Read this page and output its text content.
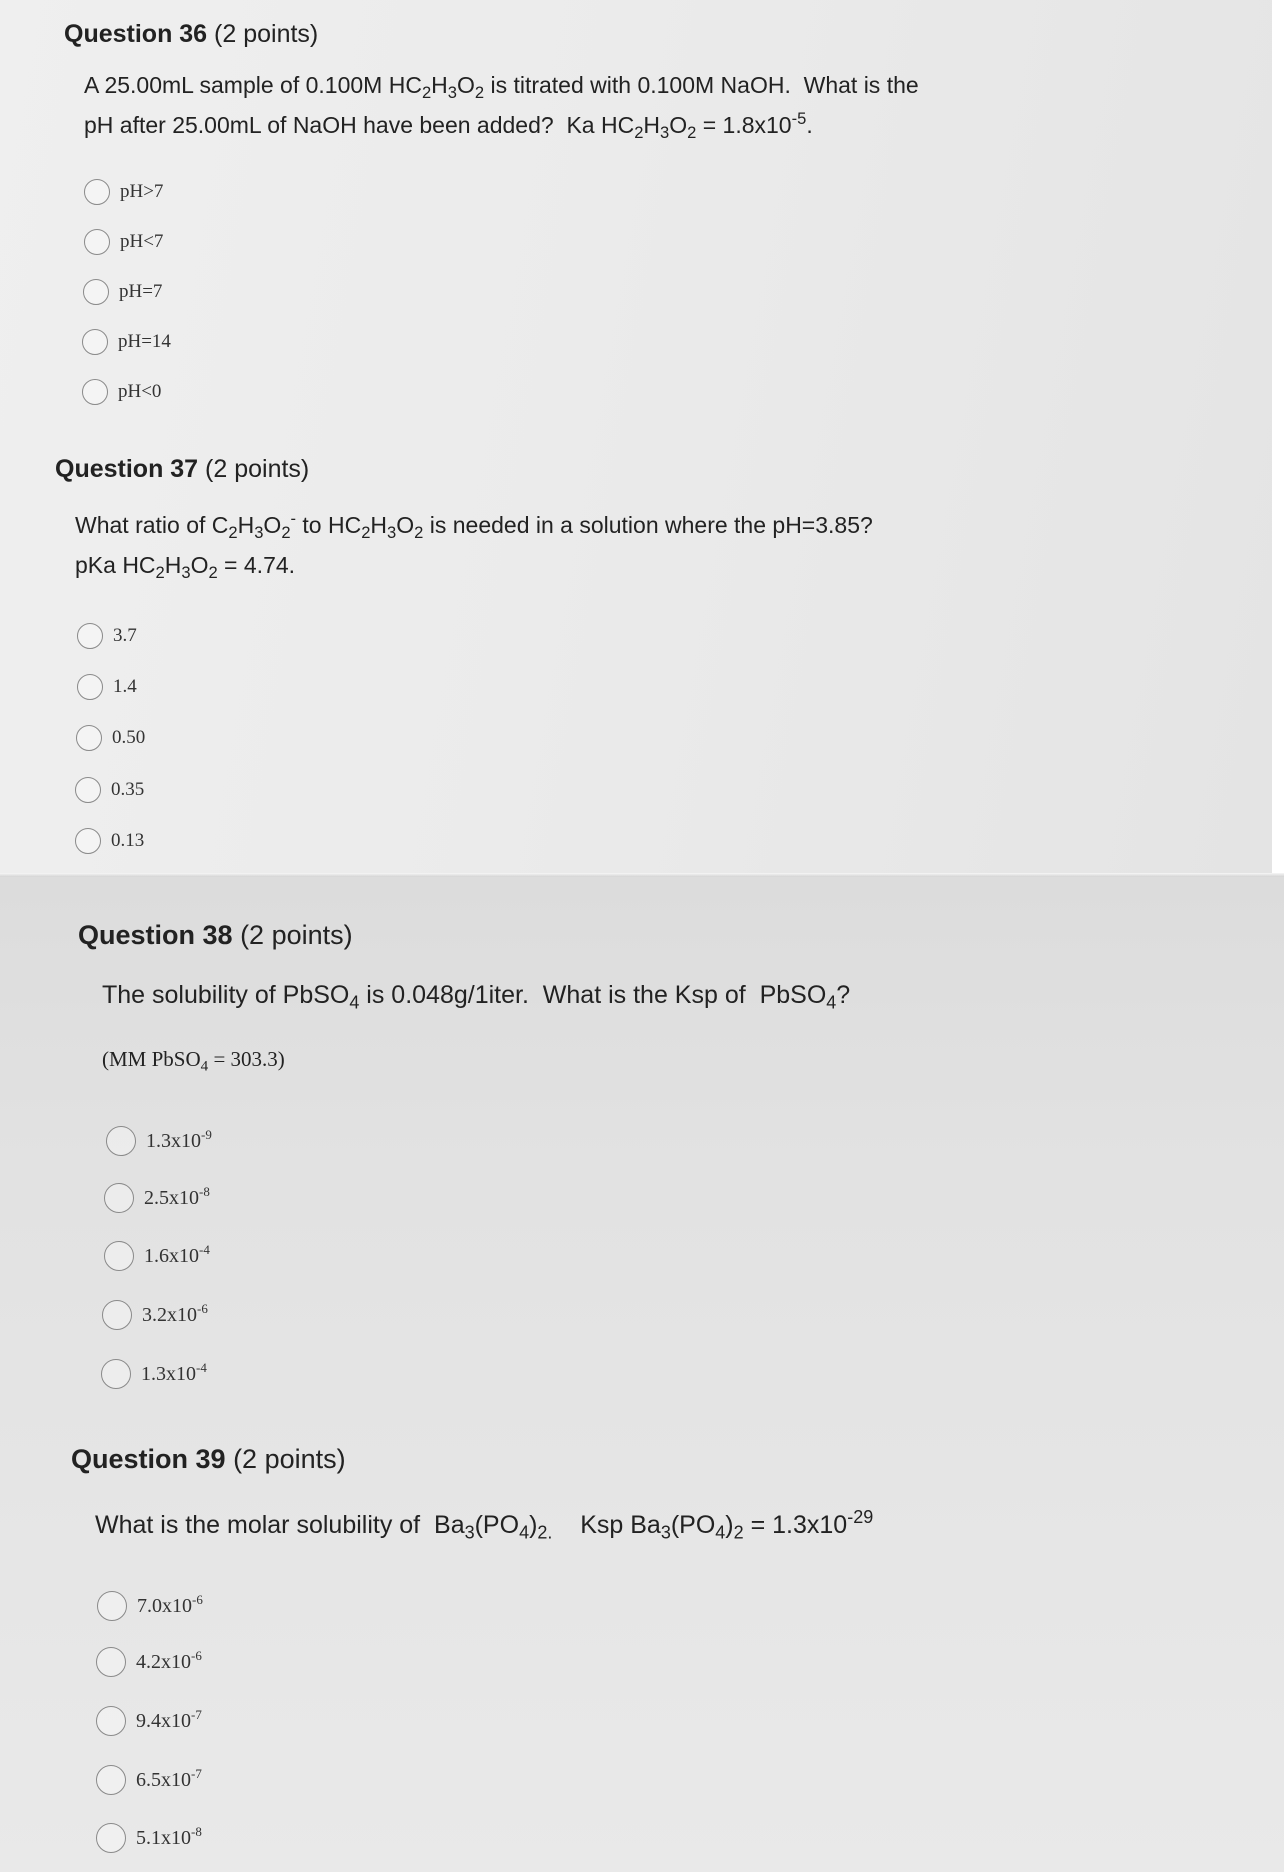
Question 36 (2 points)

A 25.00mL sample of 0.100M $HC_2H_3O_2$ is titrated with 0.100M NaOH.  What is the
pH after 25.00mL of NaOH have been added?  Ka $HC_2H_3O_2 = 1.8x10^{-5}$.

pH>7
pH<7
pH=7
pH=14
pH<0

Question 37 (2 points)

What ratio of $C_2H_3O_2^-$ to $HC_2H_3O_2$ is needed in a solution where the pH=3.85?
pKa $HC_2H_3O_2 = 4.74$.

3.7
1.4
0.50
0.35
0.13

Question 38 (2 points)

The solubility of PbSO$_4$ is 0.048g/1iter.  What is the Ksp of  PbSO$_4$?

(MM PbSO$_4$ = 303.3)

$1.3x10^{-9}$
$2.5x10^{-8}$
$1.6x10^{-4}$
$3.2x10^{-6}$
$1.3x10^{-4}$

Question 39 (2 points)

What is the molar solubility of  $Ba_3(PO_4)_{2.}$    Ksp $Ba_3(PO_4)_2 = 1.3x10^{-29}$

$7.0x10^{-6}$
$4.2x10^{-6}$
$9.4x10^{-7}$
$6.5x10^{-7}$
$5.1x10^{-8}$
